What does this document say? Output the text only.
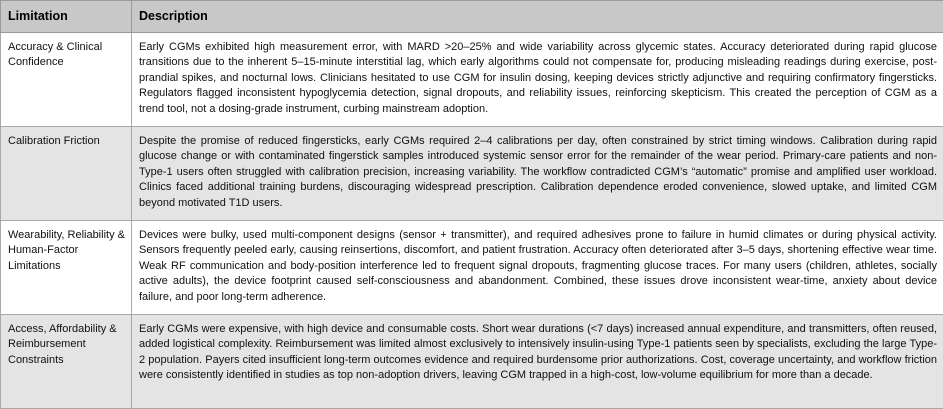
Limitation	Description
Accuracy & Clinical Confidence	Early CGMs exhibited high measurement error, with MARD >20–25% and wide variability across glycemic states. Accuracy deteriorated during rapid glucose transitions due to the inherent 5–15-minute interstitial lag, which early algorithms could not compensate for, producing misleading readings during exercise, post-prandial spikes, and nocturnal lows. Clinicians hesitated to use CGM for insulin dosing, keeping devices strictly adjunctive and requiring confirmatory fingersticks. Regulators flagged inconsistent hypoglycemia detection, signal dropouts, and reliability issues, reinforcing skepticism. This created the perception of CGM as a trend tool, not a dosing-grade instrument, curbing mainstream adoption.
Calibration Friction	Despite the promise of reduced fingersticks, early CGMs required 2–4 calibrations per day, often constrained by strict timing windows. Calibration during rapid glucose change or with contaminated fingerstick samples introduced systemic sensor error for the remainder of the wear period. Primary-care patients and non-Type-1 users often struggled with calibration precision, increasing variability. The workflow contradicted CGM’s “automatic” promise and amplified user workload. Clinics faced additional training burdens, discouraging widespread prescription. Calibration dependence eroded convenience, slowed uptake, and limited CGM beyond motivated T1D users.
Wearability, Reliability & Human-Factor Limitations	Devices were bulky, used multi-component designs (sensor + transmitter), and required adhesives prone to failure in humid climates or during physical activity. Sensors frequently peeled early, causing reinsertions, discomfort, and patient frustration. Accuracy often deteriorated after 3–5 days, shortening effective wear time. Weak RF communication and body-position interference led to frequent signal dropouts, fragmenting glucose traces. For many users (children, athletes, socially active adults), the device footprint caused self-consciousness and abandonment. Combined, these issues drove inconsistent wear-time, anxiety about device failure, and poor long-term adherence.
Access, Affordability & Reimbursement Constraints	Early CGMs were expensive, with high device and consumable costs. Short wear durations (<7 days) increased annual expenditure, and transmitters, often reused, added logistical complexity. Reimbursement was limited almost exclusively to intensively insulin-using Type-1 patients seen by specialists, excluding the large Type-2 population. Payers cited insufficient long-term outcomes evidence and required burdensome prior authorizations. Cost, coverage uncertainty, and workflow friction were consistently identified in studies as top non-adoption drivers, leaving CGM trapped in a high-cost, low-volume equilibrium for more than a decade.
